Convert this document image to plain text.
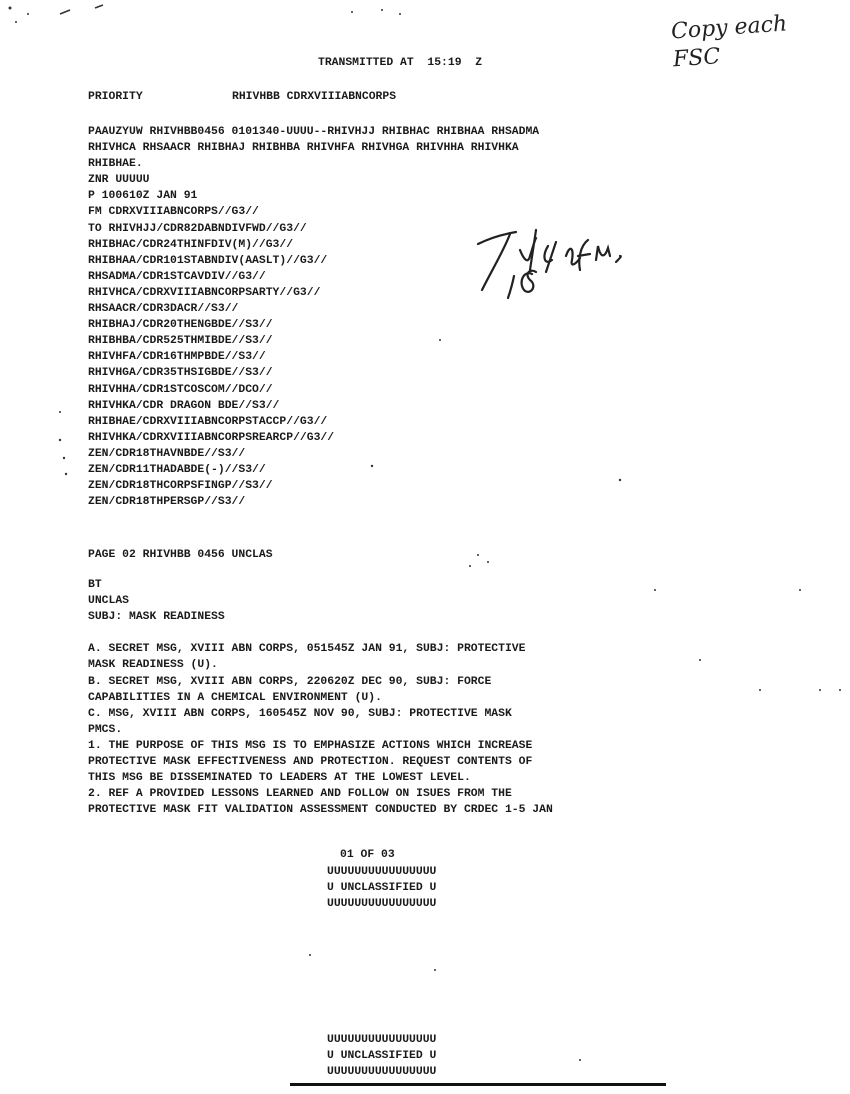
Copy each FSC
TRANSMITTED AT  15:19  Z
PRIORITY	RHIVHBB CDRXVIIIABNCORPS
PAAUZYUW RHIVHBB0456 0101340-UUUU--RHIVHJJ RHIBHAC RHIBHAA RHSADMA
RHIVHCA RHSAACR RHIBHAJ RHIBHBA RHIVHFA RHIVHGA RHIVHHA RHIVHKA
RHIBHAE.
ZNR UUUUU
P 100610Z JAN 91
FM CDRXVIIIABNCORPS//G3//
TO RHIVHJJ/CDR82DABNDIVFWD//G3//
RHIBHAC/CDR24THINFDIV(M)//G3//
RHIBHAA/CDR101STABNDIV(AASLT)//G3//
RHSADMA/CDR1STCAVDIV//G3//
RHIVHCA/CDRXVIIIABNCORPSARTY//G3//
RHSAACR/CDR3DACR//S3//
RHIBHAJ/CDR20THENGBDE//S3//
RHIBHBA/CDR525THMIBDE//S3//
RHIVHFA/CDR16THMPBDE//S3//
RHIVHGA/CDR35THSIGBDE//S3//
RHIVHHA/CDR1STCOSCOM//DCO//
RHIVHKA/CDR DRAGON BDE//S3//
RHIBHAE/CDRXVIIIABNCORPSTACCP//G3//
RHIVHKA/CDRXVIIIABNCORPSREARCP//G3//
ZEN/CDR18THAVNBDE//S3//
ZEN/CDR11THADABDE(-)//S3//
ZEN/CDR18THCORPSFINGP//S3//
ZEN/CDR18THPERSGP//S3//
PAGE 02 RHIVHBB 0456 UNCLAS
BT
UNCLAS
SUBJ: MASK READINESS
A. SECRET MSG, XVIII ABN CORPS, 051545Z JAN 91, SUBJ: PROTECTIVE
MASK READINESS (U).
B. SECRET MSG, XVIII ABN CORPS, 220620Z DEC 90, SUBJ: FORCE
CAPABILITIES IN A CHEMICAL ENVIRONMENT (U).
C. MSG, XVIII ABN CORPS, 160545Z NOV 90, SUBJ: PROTECTIVE MASK
PMCS.
1. THE PURPOSE OF THIS MSG IS TO EMPHASIZE ACTIONS WHICH INCREASE
PROTECTIVE MASK EFFECTIVENESS AND PROTECTION. REQUEST CONTENTS OF
THIS MSG BE DISSEMINATED TO LEADERS AT THE LOWEST LEVEL.
2. REF A PROVIDED LESSONS LEARNED AND FOLLOW ON ISUES FROM THE
PROTECTIVE MASK FIT VALIDATION ASSESSMENT CONDUCTED BY CRDEC 1-5 JAN
01 OF 03
UUUUUUUUUUUUUUUU
U UNCLASSIFIED U
UUUUUUUUUUUUUUUU
UUUUUUUUUUUUUUUU
U UNCLASSIFIED U
UUUUUUUUUUUUUUUU
